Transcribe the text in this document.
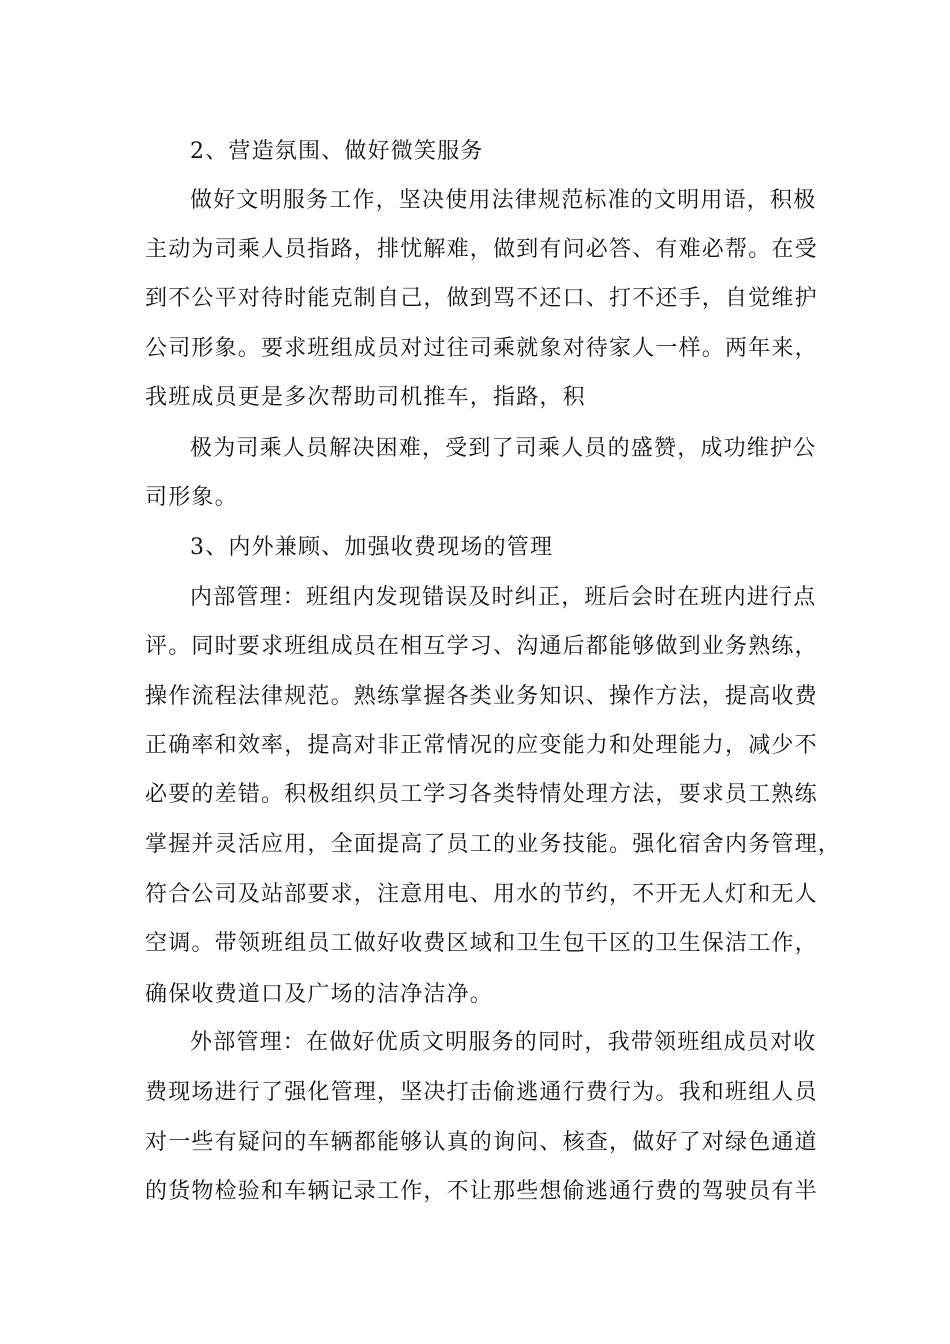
2、营造氛围、做好微笑服务
做好文明服务工作，坚决使用法律规范标准的文明用语，积极
主动为司乘人员指路，排忧解难，做到有问必答、有难必帮。在受
到不公平对待时能克制自己，做到骂不还口、打不还手，自觉维护
公司形象。要求班组成员对过往司乘就象对待家人一样。两年来，
我班成员更是多次帮助司机推车，指路，积
极为司乘人员解决困难，受到了司乘人员的盛赞，成功维护公
司形象。
3、内外兼顾、加强收费现场的管理
内部管理：班组内发现错误及时纠正，班后会时在班内进行点
评。同时要求班组成员在相互学习、沟通后都能够做到业务熟练，
操作流程法律规范。熟练掌握各类业务知识、操作方法，提高收费
正确率和效率，提高对非正常情况的应变能力和处理能力，减少不
必要的差错。积极组织员工学习各类特情处理方法，要求员工熟练
掌握并灵活应用，全面提高了员工的业务技能。强化宿舍内务管理，
符合公司及站部要求，注意用电、用水的节约，不开无人灯和无人
空调。带领班组员工做好收费区域和卫生包干区的卫生保洁工作，
确保收费道口及广场的洁净洁净。
外部管理：在做好优质文明服务的同时，我带领班组成员对收
费现场进行了强化管理，坚决打击偷逃通行费行为。我和班组人员
对一些有疑问的车辆都能够认真的询问、核查，做好了对绿色通道
的货物检验和车辆记录工作，不让那些想偷逃通行费的驾驶员有半
